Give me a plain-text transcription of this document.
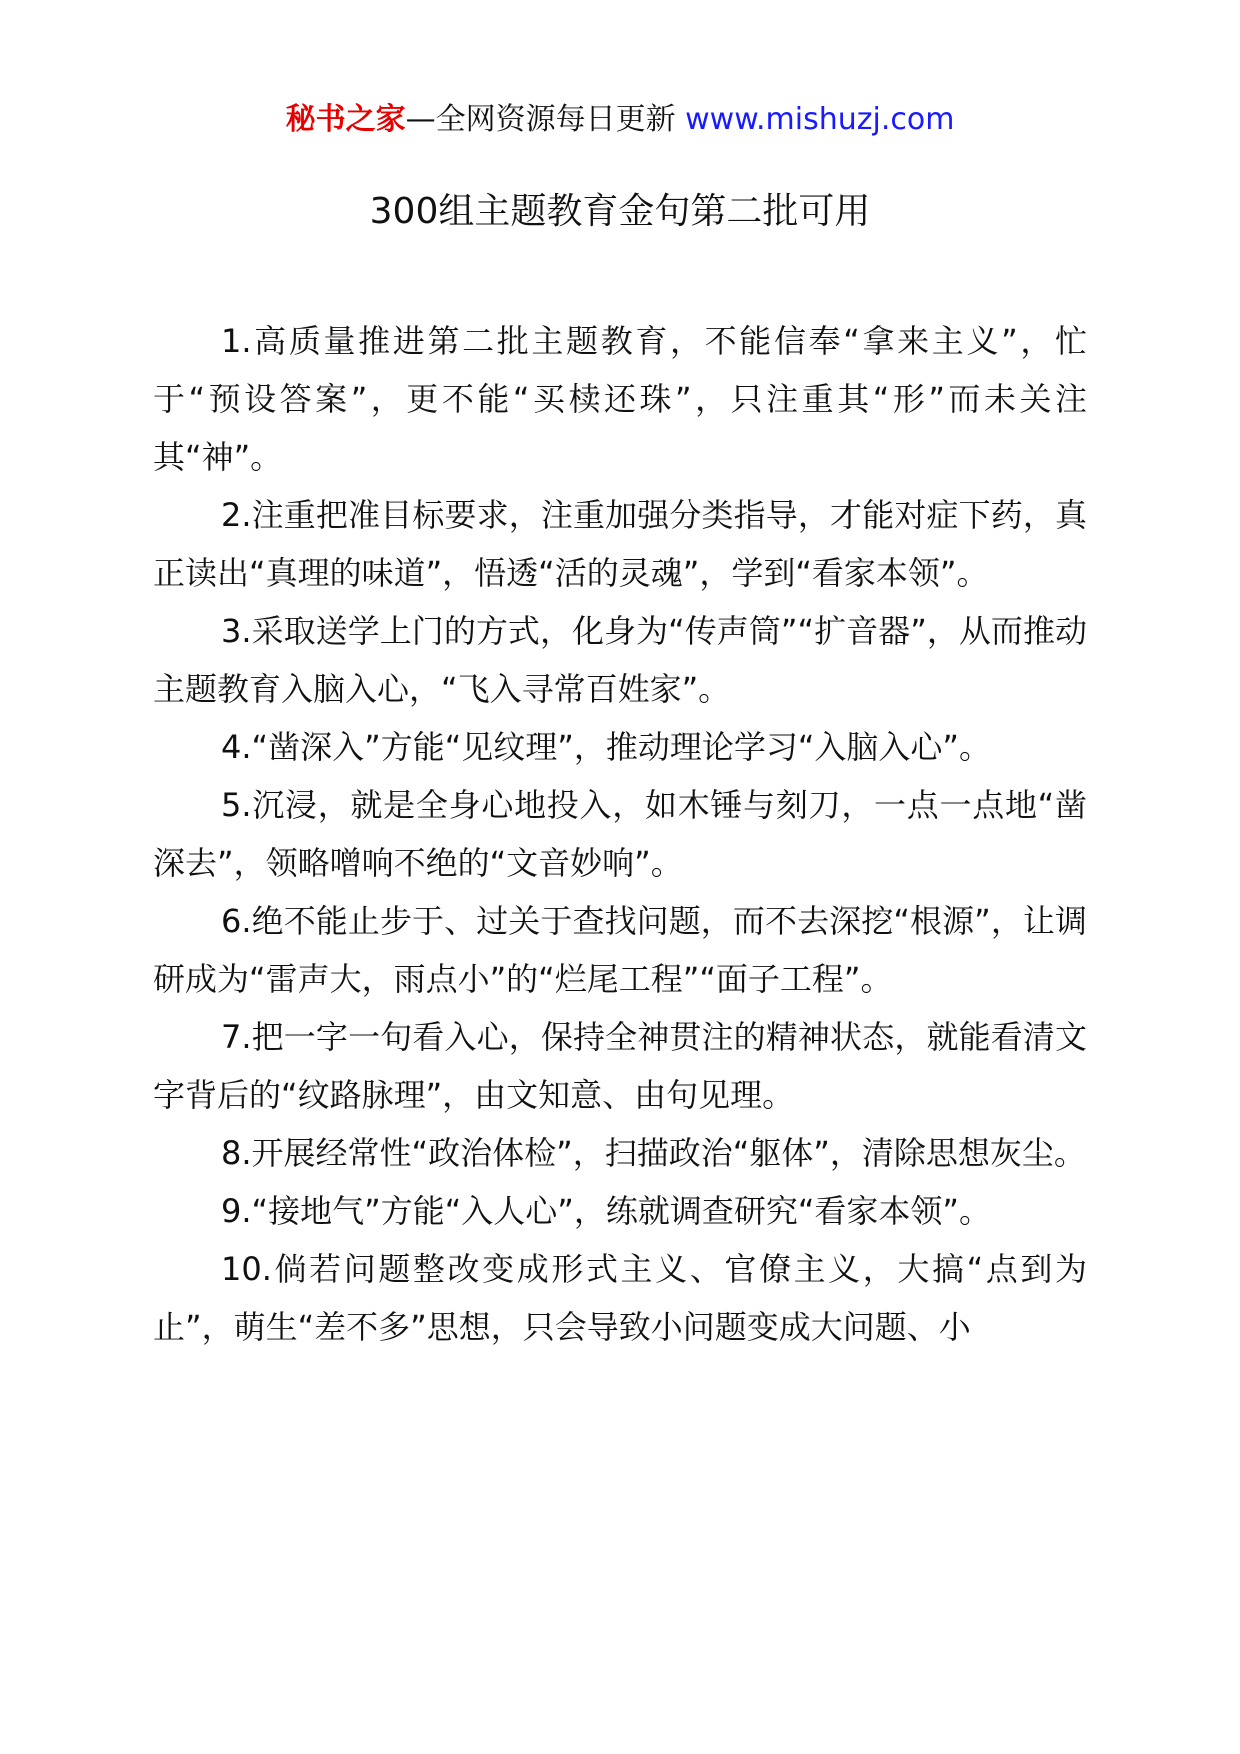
秘书之家—全网资源每日更新 www.mishuzj.com
300组主题教育金句第二批可用

1.高质量推进第二批主题教育，不能信奉“拿来主义”，忙于“预设答案”，更不能“买椟还珠”，只注重其“形”而未关注其“神”。

2.注重把准目标要求，注重加强分类指导，才能对症下药，真正读出“真理的味道”，悟透“活的灵魂”，学到“看家本领”。

3.采取送学上门的方式，化身为“传声筒”“扩音器”，从而推动主题教育入脑入心，“飞入寻常百姓家”。

4.“凿深入”方能“见纹理”，推动理论学习“入脑入心”。

5.沉浸，就是全身心地投入，如木锤与刻刀，一点一点地“凿深去”，领略噌响不绝的“文音妙响”。

6.绝不能止步于、过关于查找问题，而不去深挖“根源”，让调研成为“雷声大，雨点小”的“烂尾工程”“面子工程”。

7.把一字一句看入心，保持全神贯注的精神状态，就能看清文字背后的“纹路脉理”，由文知意、由句见理。

8.开展经常性“政治体检”，扫描政治“躯体”，清除思想灰尘。

9.“接地气”方能“入人心”，练就调查研究“看家本领”。

10.倘若问题整改变成形式主义、官僚主义，大搞“点到为止”，萌生“差不多”思想，只会导致小问题变成大问题、小
